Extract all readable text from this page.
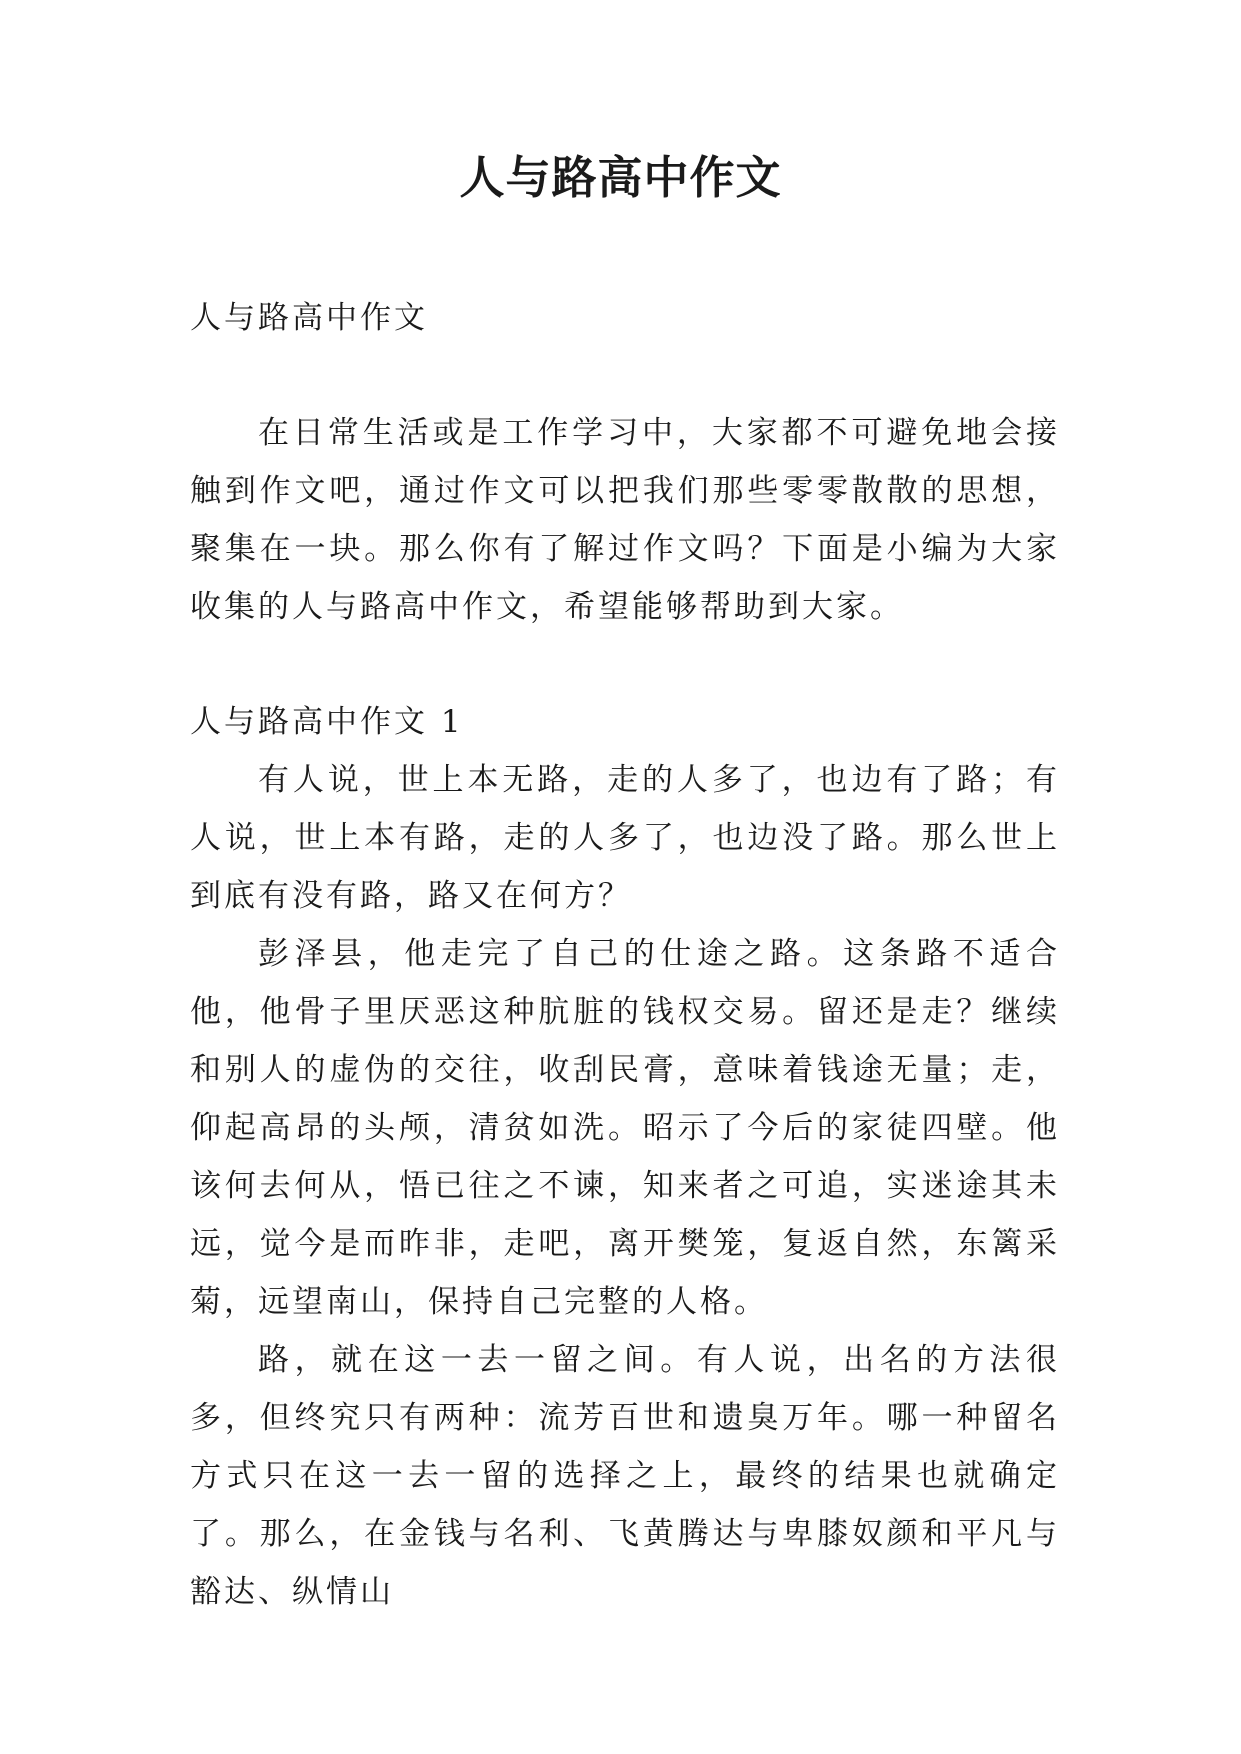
人与路高中作文
人与路高中作文

在日常生活或是工作学习中，大家都不可避免地会接触到作文吧，通过作文可以把我们那些零零散散的思想，聚集在一块。那么你有了解过作文吗？下面是小编为大家收集的人与路高中作文，希望能够帮助到大家。

人与路高中作文 1

有人说，世上本无路，走的人多了，也边有了路；有人说，世上本有路，走的人多了，也边没了路。那么世上到底有没有路，路又在何方？

彭泽县，他走完了自己的仕途之路。这条路不适合他，他骨子里厌恶这种肮脏的钱权交易。留还是走？继续和别人的虚伪的交往，收刮民膏，意味着钱途无量；走，仰起高昂的头颅，清贫如洗。昭示了今后的家徒四壁。他该何去何从，悟已往之不谏，知来者之可追，实迷途其未远，觉今是而昨非，走吧，离开樊笼，复返自然，东篱采菊，远望南山，保持自己完整的人格。

路，就在这一去一留之间。有人说，出名的方法很多，但终究只有两种：流芳百世和遗臭万年。哪一种留名方式只在这一去一留的选择之上，最终的结果也就确定了。那么，在金钱与名利、飞黄腾达与卑膝奴颜和平凡与豁达、纵情山
